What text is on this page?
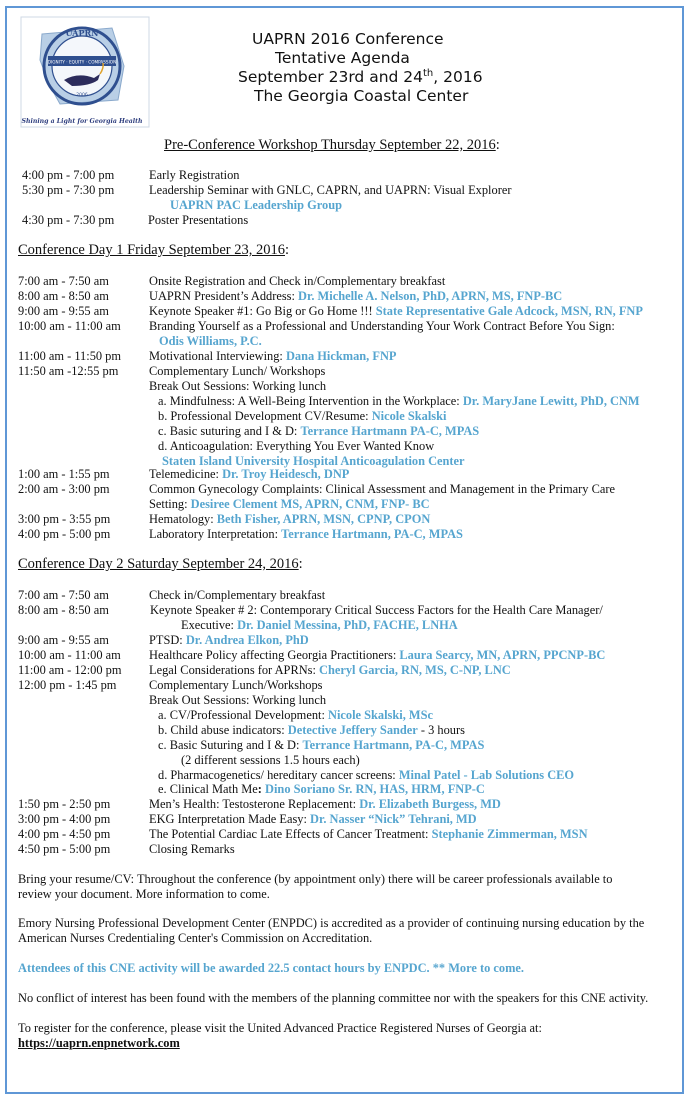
UAPRN
DIGNITY · EQUITY · COMPASSION
2006
Shining a Light for Georgia Health
UAPRN 2016 Conference
Tentative Agenda
September 23rd and 24th, 2016
The Georgia Coastal Center
Pre-Conference Workshop Thursday September 22, 2016:
4:00 pm - 7:00 pm	Early Registration
5:30 pm - 7:30 pm	Leadership Seminar with GNLC, CAPRN, and UAPRN: Visual Explorer
UAPRN PAC Leadership Group
4:30 pm - 7:30 pm	Poster Presentations
Conference Day 1 Friday September 23, 2016:
7:00 am - 7:50 am	Onsite Registration and Check in/Complementary breakfast
8:00 am - 8:50 am	UAPRN President’s Address: Dr. Michelle A. Nelson, PhD, APRN, MS, FNP-BC
9:00 am - 9:55 am	Keynote Speaker #1: Go Big or Go Home !!! State Representative Gale Adcock, MSN, RN, FNP
10:00 am - 11:00 am Branding Yourself as a Professional and Understanding Your Work Contract Before You Sign:
Odis Williams, P.C.
11:00 am - 11:50 pm Motivational Interviewing: Dana Hickman, FNP
11:50 am -12:55 pm Complementary Lunch/ Workshops
Break Out Sessions: Working lunch
a. Mindfulness: A Well-Being Intervention in the Workplace: Dr. MaryJane Lewitt, PhD, CNM
b. Professional Development CV/Resume: Nicole Skalski
c. Basic suturing and I & D: Terrance Hartmann PA-C, MPAS
d. Anticoagulation: Everything You Ever Wanted Know
Staten Island University Hospital Anticoagulation Center
1:00 am - 1:55 pm	Telemedicine: Dr. Troy Heidesch, DNP
2:00 am - 3:00 pm	Common Gynecology Complaints: Clinical Assessment and Management in the Primary Care
Setting: Desiree Clement MS, APRN, CNM, FNP- BC
3:00 pm - 3:55 pm	Hematology: Beth Fisher, APRN, MSN, CPNP, CPON
4:00 pm - 5:00 pm	Laboratory Interpretation: Terrance Hartmann, PA-C, MPAS
Conference Day 2 Saturday September 24, 2016:
7:00 am - 7:50 am	Check in/Complementary breakfast
8:00 am - 8:50 am	Keynote Speaker # 2: Contemporary Critical Success Factors for the Health Care Manager/
Executive: Dr. Daniel Messina, PhD, FACHE, LNHA
9:00 am - 9:55 am	PTSD: Dr. Andrea Elkon, PhD
10:00 am - 11:00 am Healthcare Policy affecting Georgia Practitioners: Laura Searcy, MN, APRN, PPCNP-BC
11:00 am - 12:00 pm Legal Considerations for APRNs: Cheryl Garcia, RN, MS, C-NP, LNC
12:00 pm - 1:45 pm	Complementary Lunch/Workshops
Break Out Sessions: Working lunch
a. CV/Professional Development: Nicole Skalski, MSc
b. Child abuse indicators: Detective Jeffery Sander - 3 hours
c. Basic Suturing and I & D: Terrance Hartmann, PA-C, MPAS
(2 different sessions 1.5 hours each)
d. Pharmacogenetics/ hereditary cancer screens: Minal Patel - Lab Solutions CEO
e. Clinical Math Me: Dino Soriano Sr. RN, HAS, HRM, FNP-C
1:50 pm - 2:50 pm	Men’s Health: Testosterone Replacement: Dr. Elizabeth Burgess, MD
3:00 pm - 4:00 pm	EKG Interpretation Made Easy: Dr. Nasser “Nick” Tehrani, MD
4:00 pm - 4:50 pm	The Potential Cardiac Late Effects of Cancer Treatment: Stephanie Zimmerman, MSN
4:50 pm - 5:00 pm	Closing Remarks
Bring your resume/CV: Throughout the conference (by appointment only) there will be career professionals available to
review your document. More information to come.
Emory Nursing Professional Development Center (ENPDC) is accredited as a provider of continuing nursing education by the
American Nurses Credentialing Center's Commission on Accreditation.
Attendees of this CNE activity will be awarded 22.5 contact hours by ENPDC. ** More to come.
No conflict of interest has been found with the members of the planning committee nor with the speakers for this CNE activity.
To register for the conference, please visit the United Advanced Practice Registered Nurses of Georgia at:
https://uaprn.enpnetwork.com
